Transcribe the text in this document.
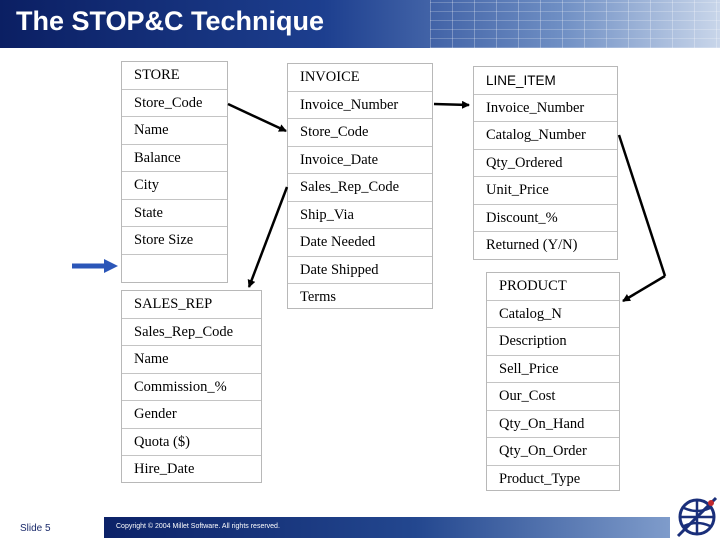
The STOP&C Technique
STORE
Store_Code
Name
Balance
City
State
Store Size
INVOICE
Invoice_Number
Store_Code
Invoice_Date
Sales_Rep_Code
Ship_Via
Date Needed
Date Shipped
Terms
LINE_ITEM
Invoice_Number
Catalog_Number
Qty_Ordered
Unit_Price
Discount_%
Returned (Y/N)
SALES_REP
Sales_Rep_Code
Name
Commission_%
Gender
Quota ($)
Hire_Date
PRODUCT
Catalog_N
Description
Sell_Price
Our_Cost
Qty_On_Hand
Qty_On_Order
Product_Type
Slide 5	Copyright © 2004 Millet Software. All rights reserved.
